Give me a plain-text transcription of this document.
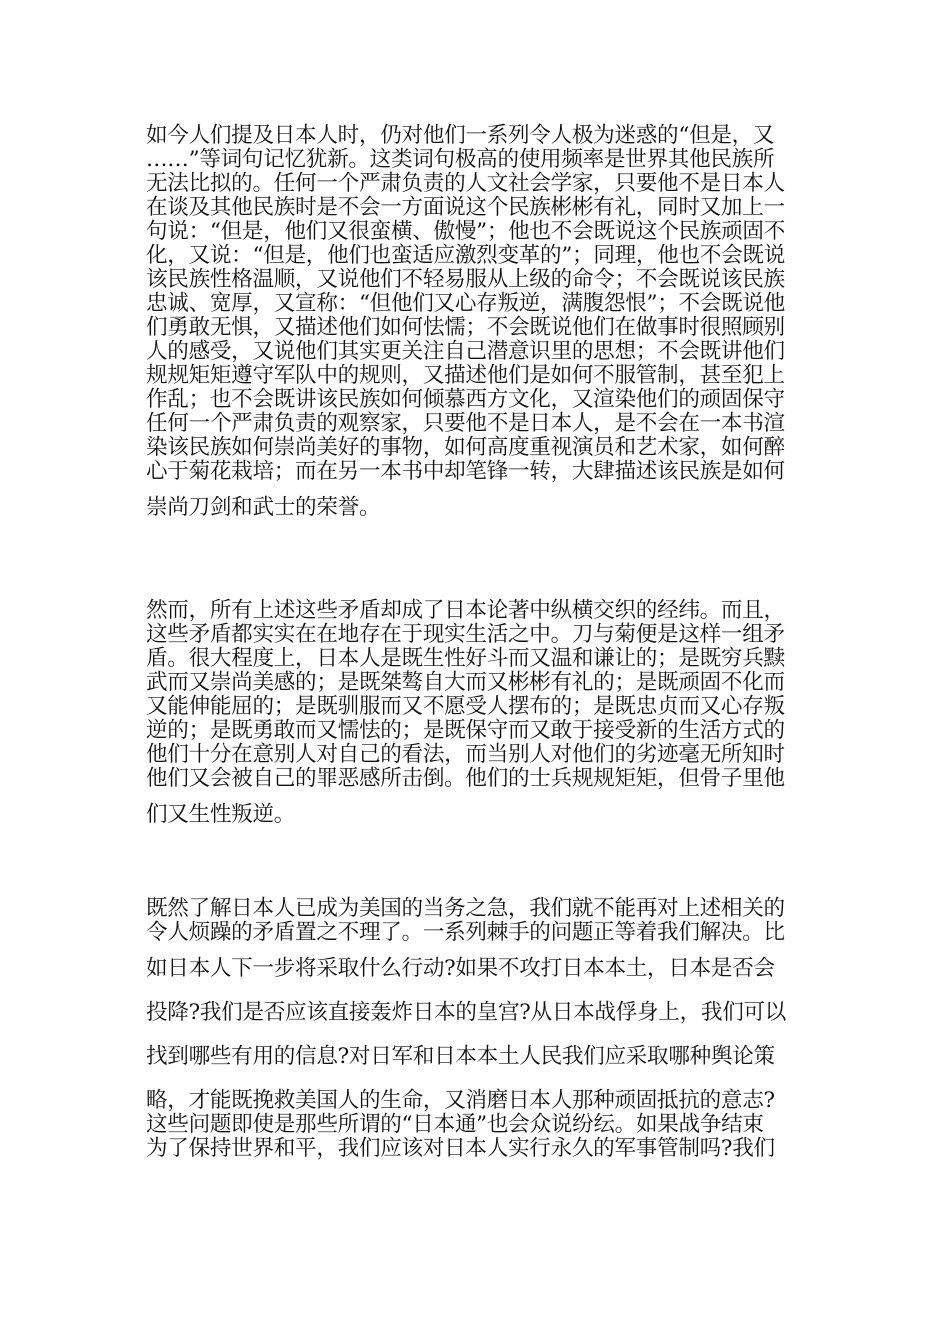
如今人们提及日本人时，仍对他们一系列令人极为迷惑的“但是，又
……”等词句记忆犹新。这类词句极高的使用频率是世界其他民族所
无法比拟的。任何一个严肃负责的人文社会学家，只要他不是日本人
在谈及其他民族时是不会一方面说这个民族彬彬有礼，同时又加上一
句说：“但是，他们又很蛮横、傲慢”；他也不会既说这个民族顽固不
化，又说：“但是，他们也蛮适应激烈变革的”；同理，他也不会既说
该民族性格温顺，又说他们不轻易服从上级的命令；不会既说该民族
忠诚、宽厚，又宣称：“但他们又心存叛逆，满腹怨恨”；不会既说他
们勇敢无惧，又描述他们如何怯懦；不会既说他们在做事时很照顾别
人的感受，又说他们其实更关注自己潜意识里的思想；不会既讲他们
规规矩矩遵守军队中的规则，又描述他们是如何不服管制，甚至犯上
作乱；也不会既讲该民族如何倾慕西方文化，又渲染他们的顽固保守
任何一个严肃负责的观察家，只要他不是日本人，是不会在一本书渲
染该民族如何崇尚美好的事物，如何高度重视演员和艺术家，如何醉
心于菊花栽培；而在另一本书中却笔锋一转，大肆描述该民族是如何
崇尚刀剑和武士的荣誉。
然而，所有上述这些矛盾却成了日本论著中纵横交织的经纬。而且，
这些矛盾都实实在在地存在于现实生活之中。刀与菊便是这样一组矛
盾。很大程度上，日本人是既生性好斗而又温和谦让的；是既穷兵黩
武而又崇尚美感的；是既桀骜自大而又彬彬有礼的；是既顽固不化而
又能伸能屈的；是既驯服而又不愿受人摆布的；是既忠贞而又心存叛
逆的；是既勇敢而又懦怯的；是既保守而又敢于接受新的生活方式的
他们十分在意别人对自己的看法，而当别人对他们的劣迹毫无所知时
他们又会被自己的罪恶感所击倒。他们的士兵规规矩矩，但骨子里他
们又生性叛逆。
既然了解日本人已成为美国的当务之急，我们就不能再对上述相关的
令人烦躁的矛盾置之不理了。一系列棘手的问题正等着我们解决。比
如日本人下一步将采取什么行动?如果不攻打日本本土，日本是否会
投降?我们是否应该直接轰炸日本的皇宫?从日本战俘身上，我们可以
找到哪些有用的信息?对日军和日本本土人民我们应采取哪种舆论策
略，才能既挽救美国人的生命，又消磨日本人那种顽固抵抗的意志?
这些问题即使是那些所谓的“日本通”也会众说纷纭。如果战争结束
为了保持世界和平，我们应该对日本人实行永久的军事管制吗?我们
